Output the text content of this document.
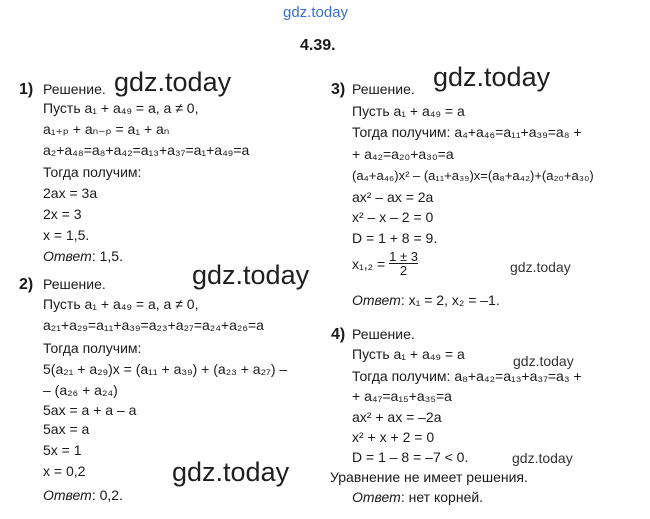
gdz.today
4.39.
gdz.today	gdz.today
gdz.today
gdz.today
gdz.today
gdz.today
gdz.today
1) Решение.
Пусть a₁ + a₄₉ = a, a ≠ 0,
a₁₊ₚ + aₙ₋ₚ = a₁ + aₙ
a₂+a₄₈=a₈+a₄₂=a₁₃+a₃₇=a₁+a₄₉=a
Тогда получим:
2ax = 3a
2x = 3
x = 1,5.
Ответ: 1,5.
2) Решение.
Пусть a₁ + a₄₉ = a, a ≠ 0,
a₂₁+a₂₉=a₁₁+a₃₉=a₂₃+a₂₇=a₂₄+a₂₆=a
Тогда получим:
5(a₂₁ + a₂₉)x = (a₁₁ + a₃₉) + (a₂₃ + a₂₇) –
– (a₂₆ + a₂₄)
5ax = a + a – a
5ax = a
5x = 1
x = 0,2
Ответ: 0,2.
3) Решение.
Пусть a₁ + a₄₉ = a
Тогда получим: a₄+a₄₆=a₁₁+a₃₉=a₈ +
+ a₄₂=a₂₀+a₃₀=a
(a₄+a₄₆)x² – (a₁₁+a₃₉)x=(a₈+a₄₂)+(a₂₀+a₃₀)
ax² – ax = 2a
x² – x – 2 = 0
D = 1 + 8 = 9.
$x_1,_2 = \frac{1 \pm 3}{2}$
Ответ: x₁ = 2, x₂ = –1.
4) Решение.
Пусть a₁ + a₄₉ = a
Тогда получим: a₈+a₄₂=a₁₃+a₃₇=a₃ +
+ a₄₇=a₁₅+a₃₅=a
ax² + ax = –2a
x² + x + 2 = 0
D = 1 – 8 = –7 < 0.
Уравнение не имеет решения.
Ответ: нет корней.
